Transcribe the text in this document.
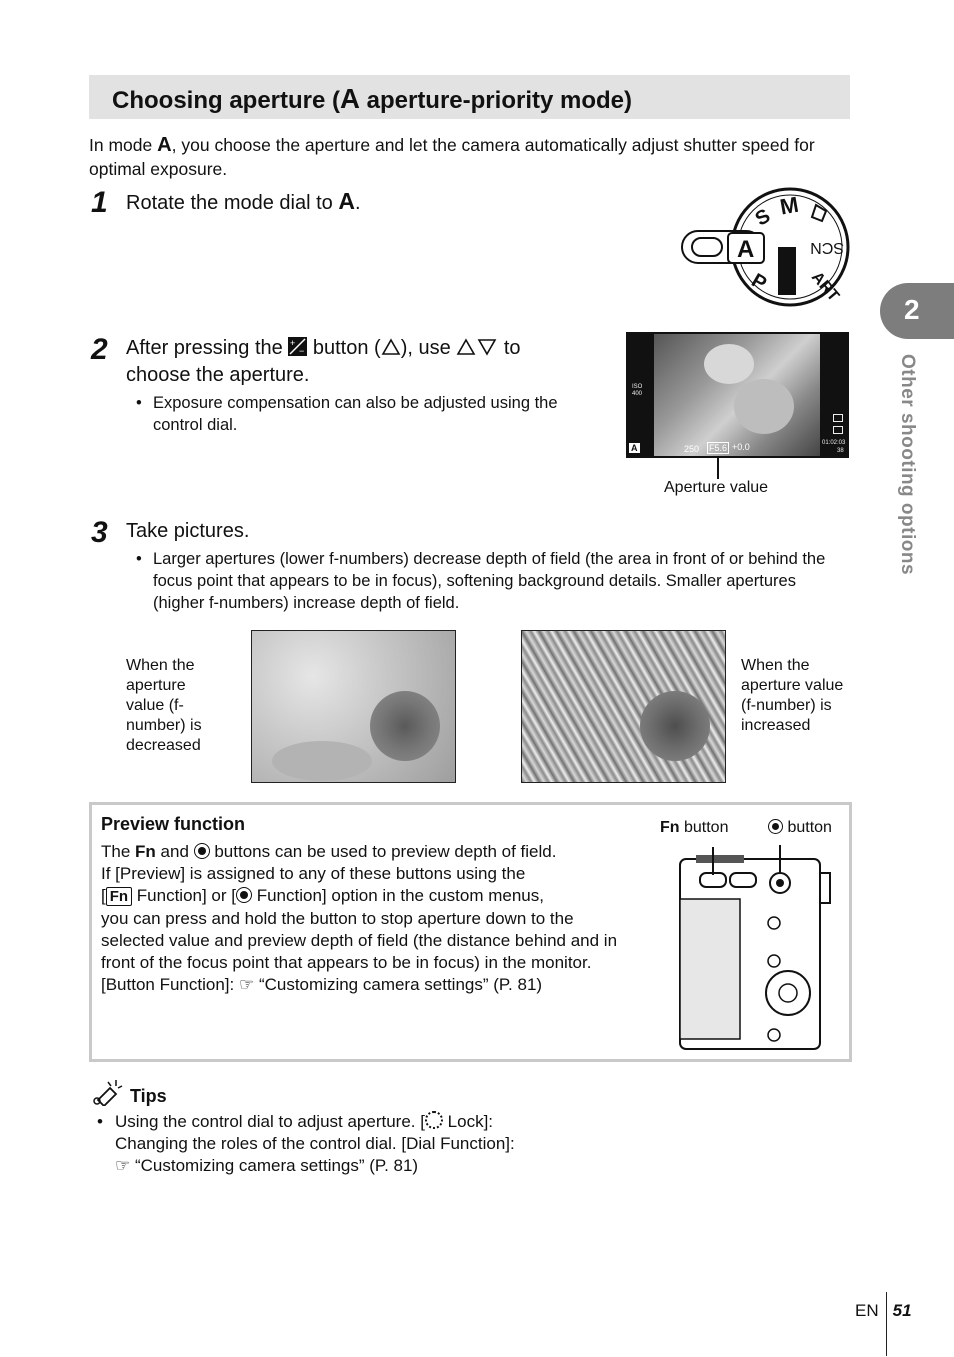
Choosing aperture (A aperture-priority mode)
In mode A, you choose the aperture and let the camera automatically adjust shutter speed for optimal exposure.
1 Rotate the mode dial to A.
A
S M
P
SCN
iAUTO
ART
2 After pressing the +
− button ( ), use  to
choose the aperture.
• Exposure compensation can also be adjusted using the control dial.
ISO 400
A	250 F5.6 +0.0	01:02:03
38
Aperture value
3 Take pictures.
• Larger apertures (lower f-numbers) decrease depth of field (the area in front of or behind the focus point that appears to be in focus), softening background details. Smaller apertures (higher f-numbers) increase depth of field.
When the aperture value (f-number) is decreased
When the aperture value (f-number) is increased
Preview function
The Fn and
buttons can be used to preview depth of field.
If [Preview] is assigned to any of these buttons using the
[ Fn Function] or [
Function] option in the custom menus,
you can press and hold the button to stop aperture down to the selected value and preview depth of field (the distance behind and in front of the focus point that appears to be in focus) in the monitor. [Button Function]: ☞ “Customizing camera settings” (P. 81)
Fn button	button
Tips
• Using the control dial to adjust aperture. [ Lock]:
Changing the roles of the control dial. [Dial Function]:
☞ “Customizing camera settings” (P. 81)
2
Other shooting options
EN 51
